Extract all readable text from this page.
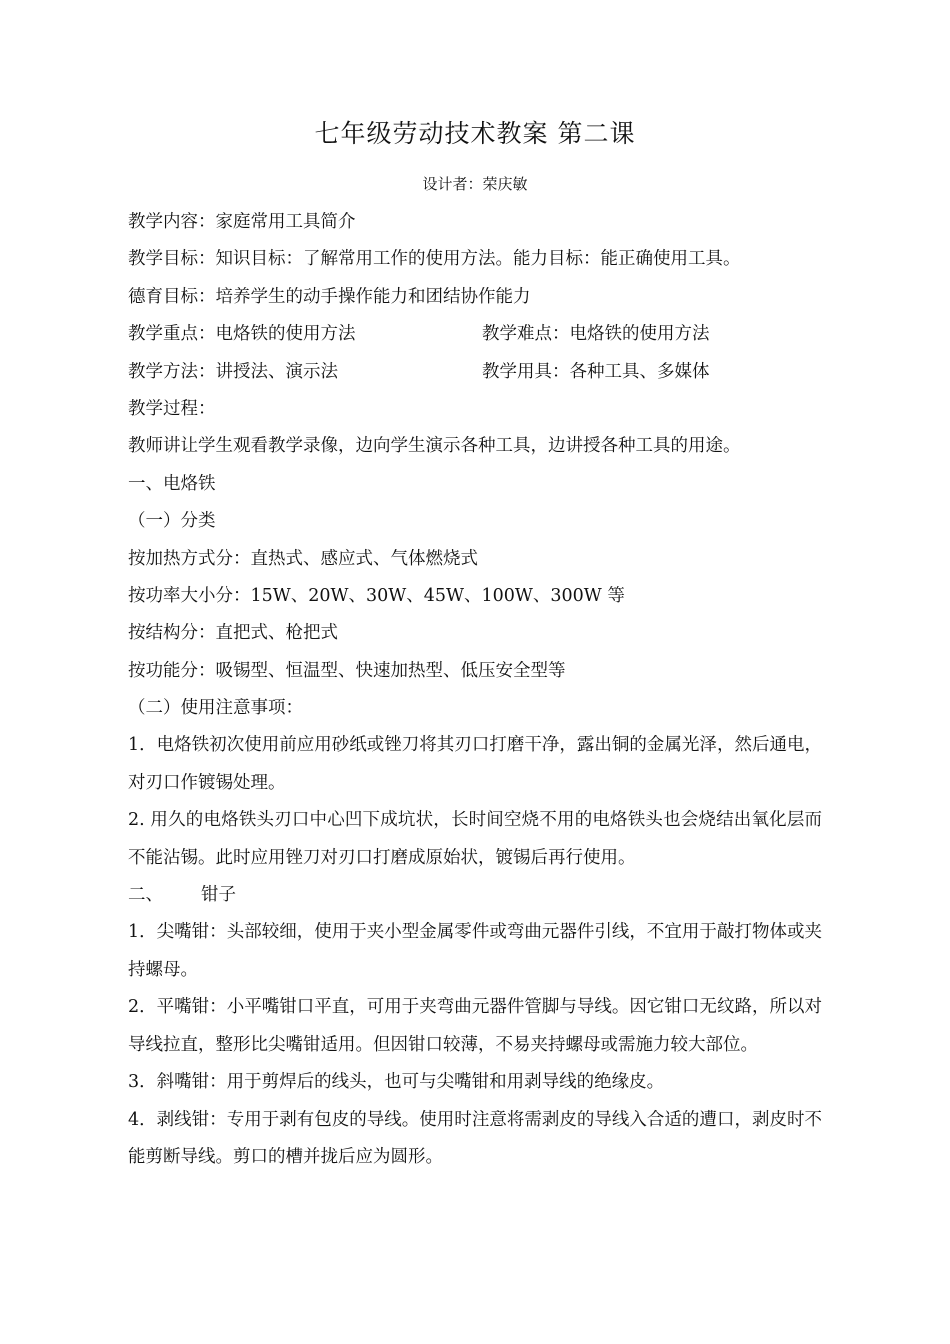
七年级劳动技术教案 第二课
设计者：荣庆敏
教学内容：家庭常用工具简介
教学目标：知识目标：了解常用工作的使用方法。能力目标：能正确使用工具。
德育目标：培养学生的动手操作能力和团结协作能力
教学重点：电烙铁的使用方法	教学难点：电烙铁的使用方法
教学方法：讲授法、演示法	教学用具：各种工具、多媒体
教学过程：
教师讲让学生观看教学录像，边向学生演示各种工具，边讲授各种工具的用途。
一、电烙铁
（一）分类
按加热方式分：直热式、感应式、气体燃烧式
按功率大小分：15W、20W、30W、45W、100W、300W 等
按结构分：直把式、枪把式
按功能分：吸锡型、恒温型、快速加热型、低压安全型等
（二）使用注意事项：
1．电烙铁初次使用前应用砂纸或锉刀将其刃口打磨干净，露出铜的金属光泽，然后通电，对刃口作镀锡处理。
2. 用久的电烙铁头刃口中心凹下成坑状，长时间空烧不用的电烙铁头也会烧结出氧化层而不能沾锡。此时应用锉刀对刃口打磨成原始状，镀锡后再行使用。
二、 钳子
1．尖嘴钳：头部较细，使用于夹小型金属零件或弯曲元器件引线，不宜用于敲打物体或夹持螺母。
2．平嘴钳：小平嘴钳口平直，可用于夹弯曲元器件管脚与导线。因它钳口无纹路，所以对导线拉直，整形比尖嘴钳适用。但因钳口较薄，不易夹持螺母或需施力较大部位。
3．斜嘴钳：用于剪焊后的线头，也可与尖嘴钳和用剥导线的绝缘皮。
4．剥线钳：专用于剥有包皮的导线。使用时注意将需剥皮的导线入合适的遭口，剥皮时不能剪断导线。剪口的槽并拢后应为圆形。
